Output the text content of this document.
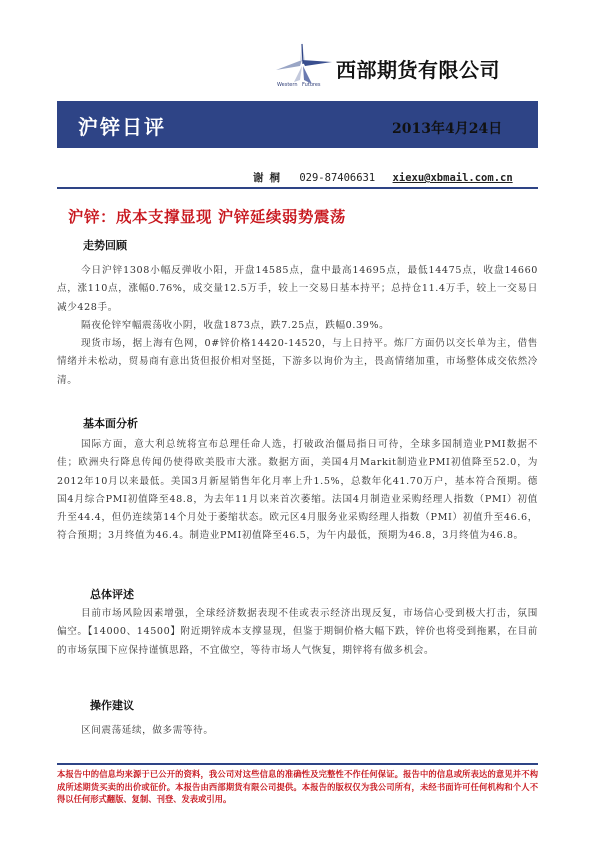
Western Futures
西部期货有限公司
沪锌日评	2013年4月24日
谢桐 029-87406631 xiexu@xbmail.com.cn
沪锌：成本支撑显现 沪锌延续弱势震荡
走势回顾

今日沪锌1308小幅反弹收小阳，开盘14585点，盘中最高14695点，最低14475点，收盘14660点，涨110点，涨幅0.76%，成交量12.5万手，较上一交易日基本持平；总持仓11.4万手，较上一交易日减少428手。

隔夜伦锌窄幅震荡收小阴，收盘1873点，跌7.25点，跌幅0.39%。

现货市场，据上海有色网，0#锌价格14420-14520，与上日持平。炼厂方面仍以交长单为主，借售情绪并未松动，贸易商有意出货但报价相对坚挺，下游多以询价为主，畏高情绪加重，市场整体成交依然冷清。

基本面分析

国际方面，意大利总统将宣布总理任命人选，打破政治僵局指日可待，全球多国制造业PMI数据不佳；欧洲央行降息传闻仍使得欧美股市大涨。数据方面，美国4月Markit制造业PMI初值降至52.0，为2012年10月以来最低。美国3月新屋销售年化月率上升1.5%，总数年化41.70万户，基本符合预期。德国4月综合PMI初值降至48.8，为去年11月以来首次萎缩。法国4月制造业采购经理人指数（PMI）初值升至44.4，但仍连续第14个月处于萎缩状态。欧元区4月服务业采购经理人指数（PMI）初值升至46.6，符合预期；3月终值为46.4。制造业PMI初值降至46.5，为午内最低，预期为46.8，3月终值为46.8。

总体评述

目前市场风险因素增强，全球经济数据表现不佳或表示经济出现反复，市场信心受到极大打击，氛围偏空。【14000、14500】附近期锌成本支撑显现，但鉴于期铜价格大幅下跌，锌价也将受到拖累，在目前的市场氛围下应保持谨慎思路，不宜做空，等待市场人气恢复，期锌将有做多机会。

操作建议

区间震荡延续，做多需等待。

本报告中的信息均来源于已公开的资料，我公司对这些信息的准确性及完整性不作任何保证。报告中的信息或所表达的意见并不构成所述期货买卖的出价或征价。本报告由西部期货有限公司提供。本报告的版权仅为我公司所有，未经书面许可任何机构和个人不得以任何形式翻版、复制、刊登、发表或引用。
